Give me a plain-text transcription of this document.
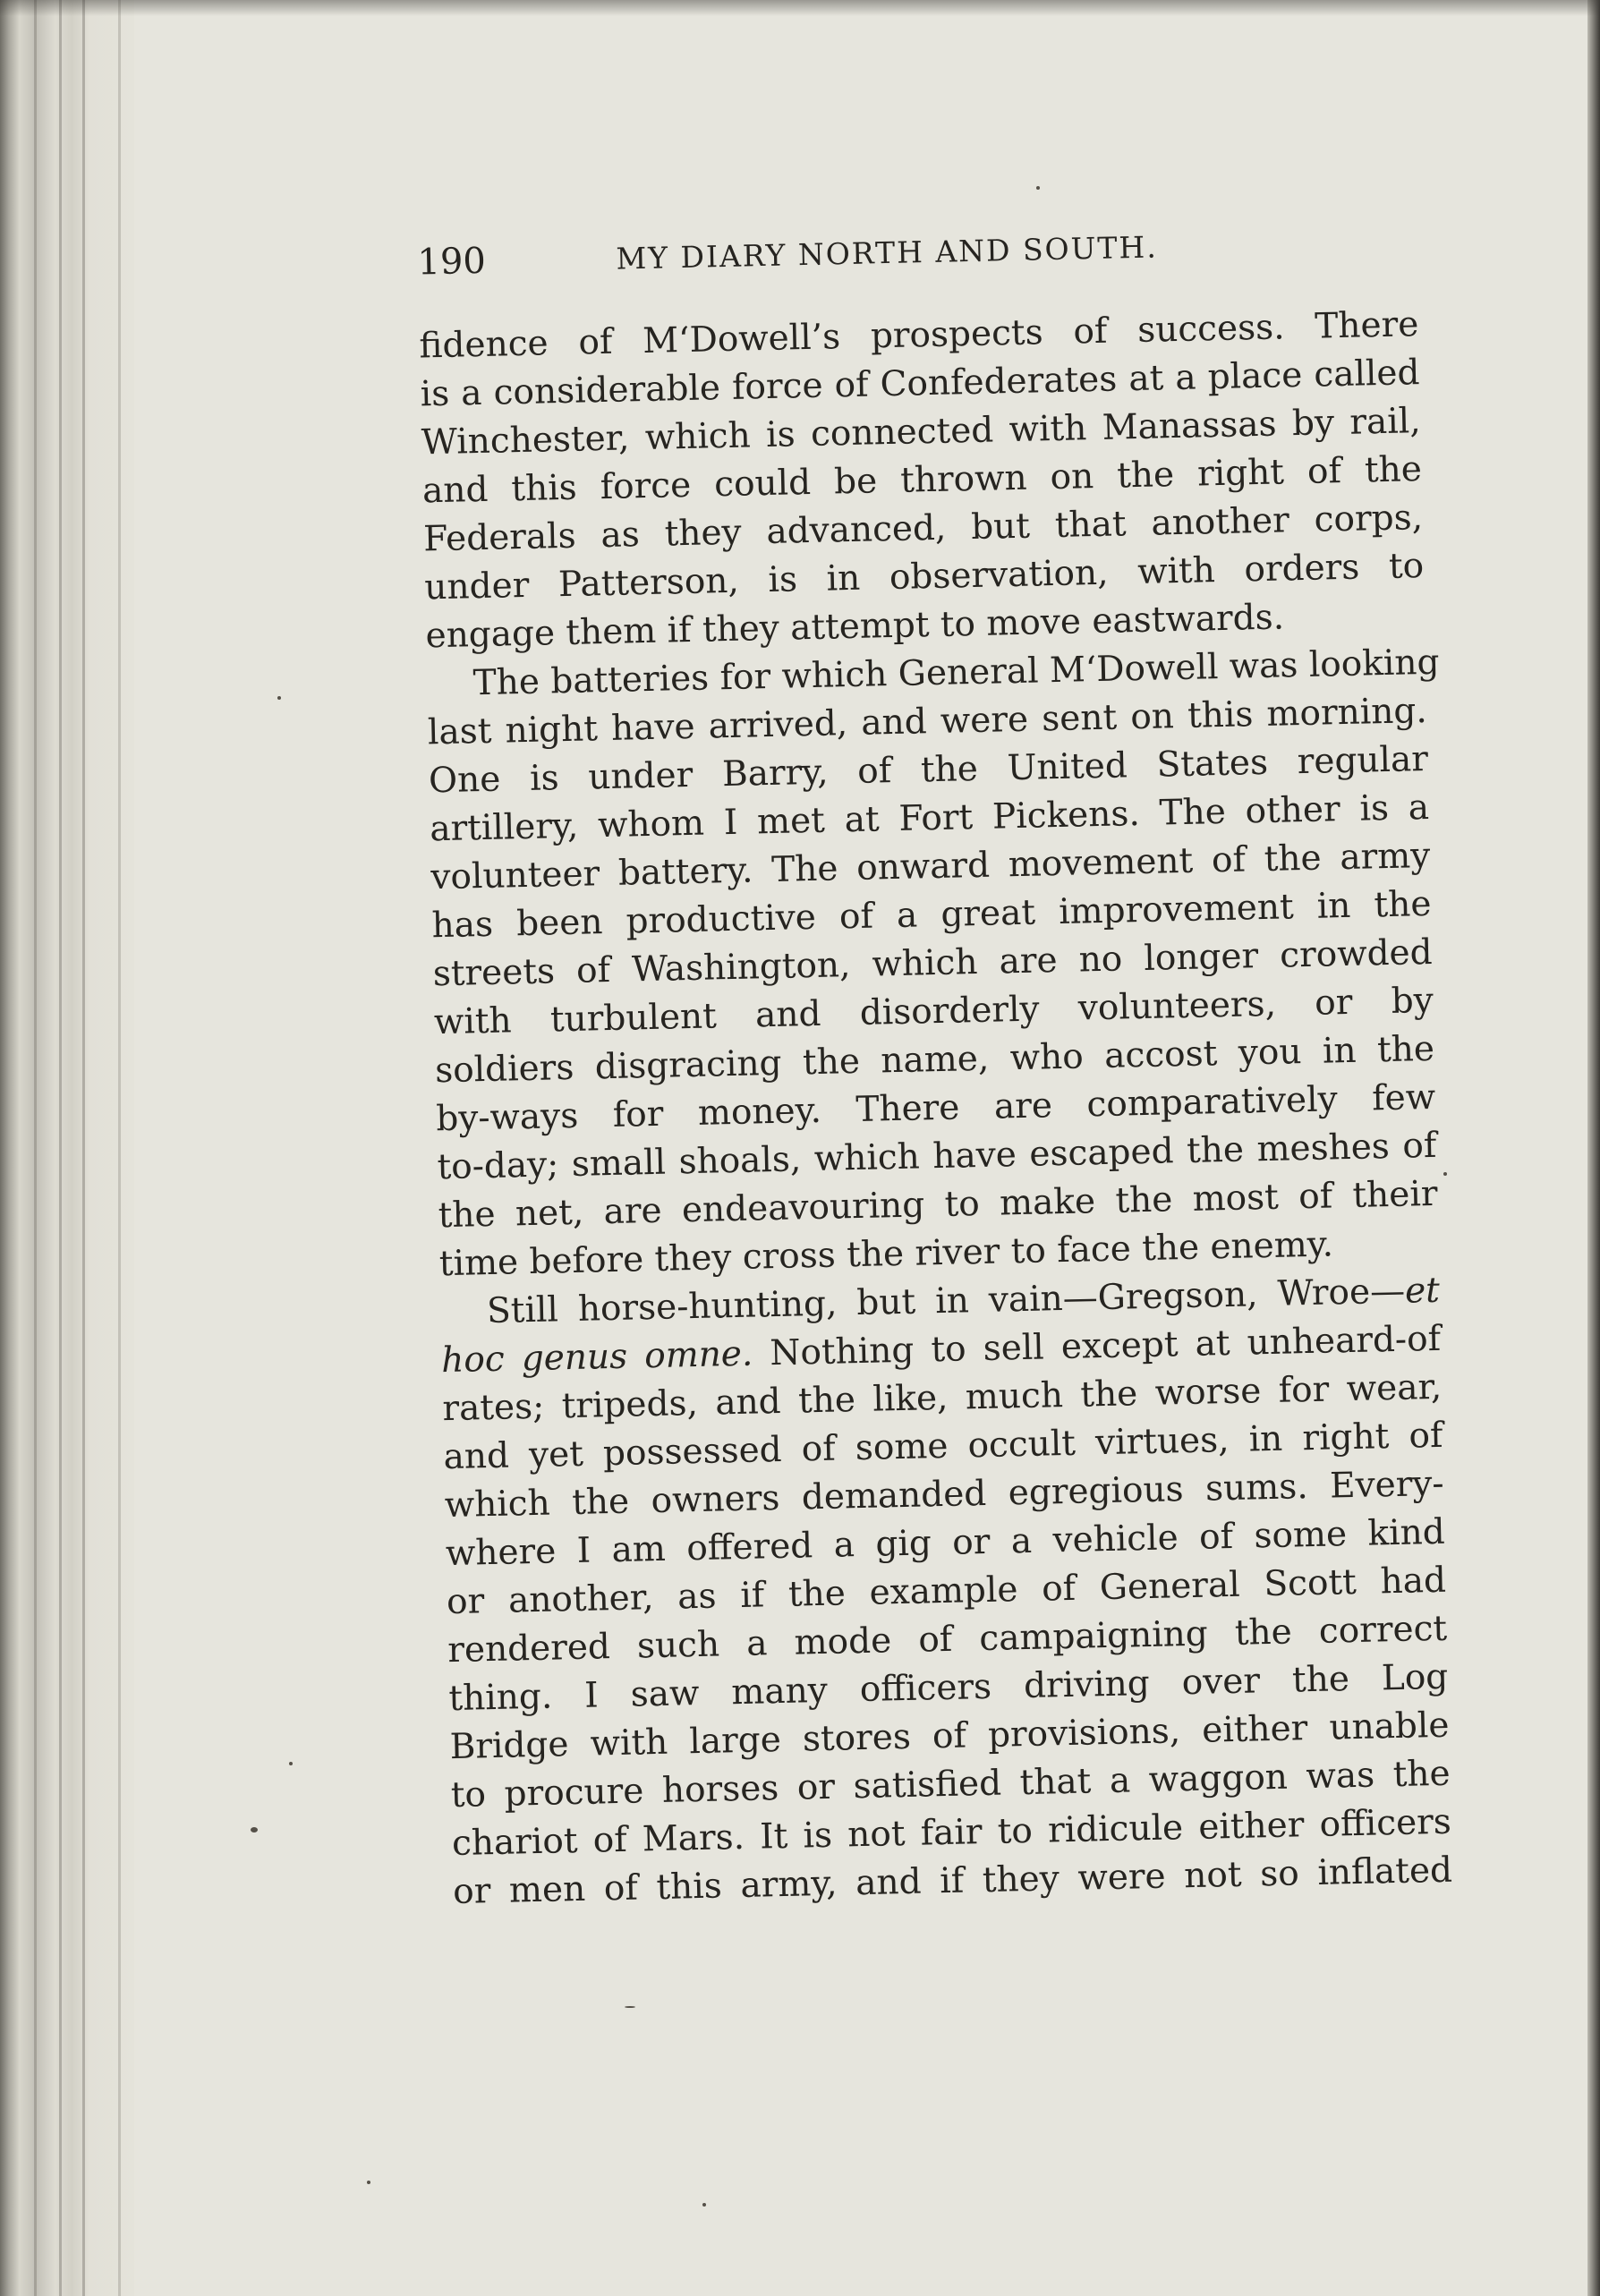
190	MY DIARY NORTH AND SOUTH.
fidence of M‘Dowell’s prospects of success. There
is a considerable force of Confederates at a place called
Winchester, which is connected with Manassas by rail,
and this force could be thrown on the right of the
Federals as they advanced, but that another corps,
under Patterson, is in observation, with orders to
engage them if they attempt to move eastwards.
The batteries for which General M‘Dowell was looking
last night have arrived, and were sent on this morning.
One is under Barry, of the United States regular
artillery, whom I met at Fort Pickens. The other is a
volunteer battery. The onward movement of the army
has been productive of a great improvement in the
streets of Washington, which are no longer crowded
with turbulent and disorderly volunteers, or by
soldiers disgracing the name, who accost you in the
by-ways for money. There are comparatively few
to-day; small shoals, which have escaped the meshes of
the net, are endeavouring to make the most of their
time before they cross the river to face the enemy.
Still horse-hunting, but in vain—Gregson, Wroe—et
hoc genus omne. Nothing to sell except at unheard-of
rates; tripeds, and the like, much the worse for wear,
and yet possessed of some occult virtues, in right of
which the owners demanded egregious sums. Every-
where I am offered a gig or a vehicle of some kind
or another, as if the example of General Scott had
rendered such a mode of campaigning the correct
thing. I saw many officers driving over the Log
Bridge with large stores of provisions, either unable
to procure horses or satisfied that a waggon was the
chariot of Mars. It is not fair to ridicule either officers
or men of this army, and if they were not so inflated
